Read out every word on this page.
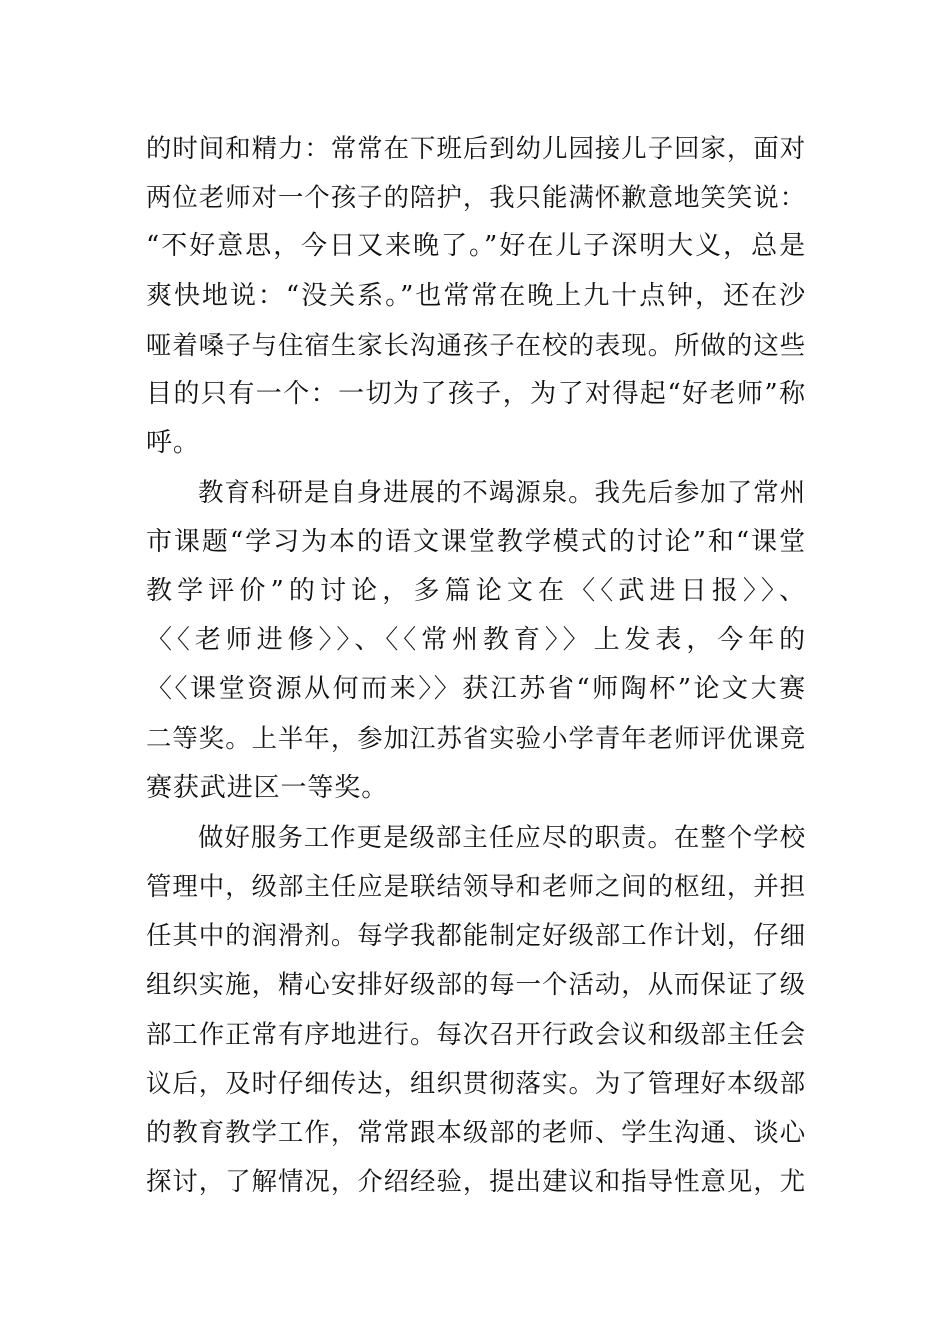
的时间和精力：常常在下班后到幼儿园接儿子回家，面对
两位老师对一个孩子的陪护，我只能满怀歉意地笑笑说：
“不好意思，今日又来晚了。”好在儿子深明大义，总是
爽快地说：“没关系。”也常常在晚上九十点钟，还在沙
哑着嗓子与住宿生家长沟通孩子在校的表现。所做的这些
目的只有一个：一切为了孩子，为了对得起“好老师”称
呼。
教育科研是自身进展的不竭源泉。我先后参加了常州
市课题“学习为本的语文课堂教学模式的讨论”和“课堂
教学评价”的讨论，多篇论文在〈〈武进日报〉〉、
〈〈老师进修〉〉、〈〈常州教育〉〉上发表，今年的
〈〈课堂资源从何而来〉〉获江苏省“师陶杯”论文大赛
二等奖。上半年，参加江苏省实验小学青年老师评优课竞
赛获武进区一等奖。
做好服务工作更是级部主任应尽的职责。在整个学校
管理中，级部主任应是联结领导和老师之间的枢纽，并担
任其中的润滑剂。每学我都能制定好级部工作计划，仔细
组织实施，精心安排好级部的每一个活动，从而保证了级
部工作正常有序地进行。每次召开行政会议和级部主任会
议后，及时仔细传达，组织贯彻落实。为了管理好本级部
的教育教学工作，常常跟本级部的老师、学生沟通、谈心
探讨，了解情况，介绍经验，提出建议和指导性意见，尤
